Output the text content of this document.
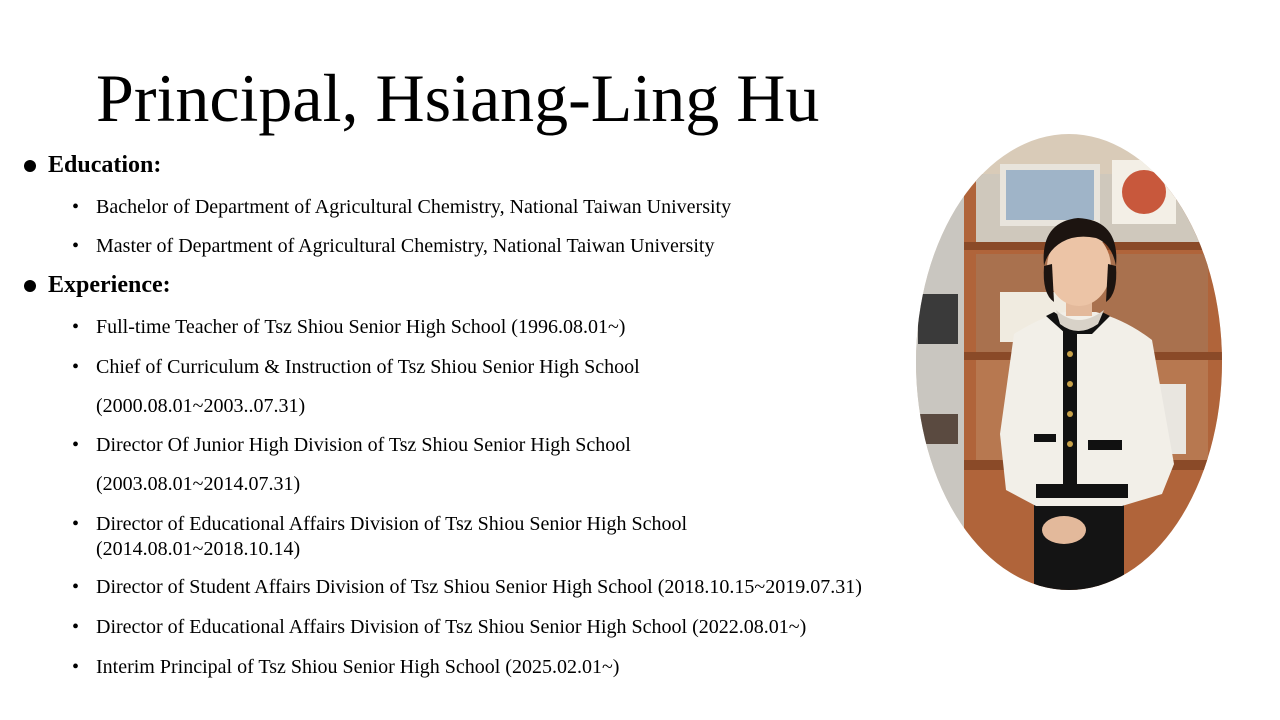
Principal, Hsiang-Ling Hu
Education:
• Bachelor of Department of Agricultural Chemistry, National Taiwan University
• Master of Department of Agricultural Chemistry, National Taiwan University
Experience:
• Full-time Teacher of Tsz Shiou Senior High School (1996.08.01~)
• Chief of Curriculum & Instruction of Tsz Shiou Senior High School
(2000.08.01~2003..07.31)
• Director Of Junior High Division of Tsz Shiou Senior High School
(2003.08.01~2014.07.31)
• Director of Educational Affairs Division of Tsz Shiou Senior High School
(2014.08.01~2018.10.14)
• Director of Student Affairs Division of Tsz Shiou Senior High School (2018.10.15~2019.07.31)
• Director of Educational Affairs Division of Tsz Shiou Senior High School (2022.08.01~)
• Interim Principal of Tsz Shiou Senior High School (2025.02.01~)
